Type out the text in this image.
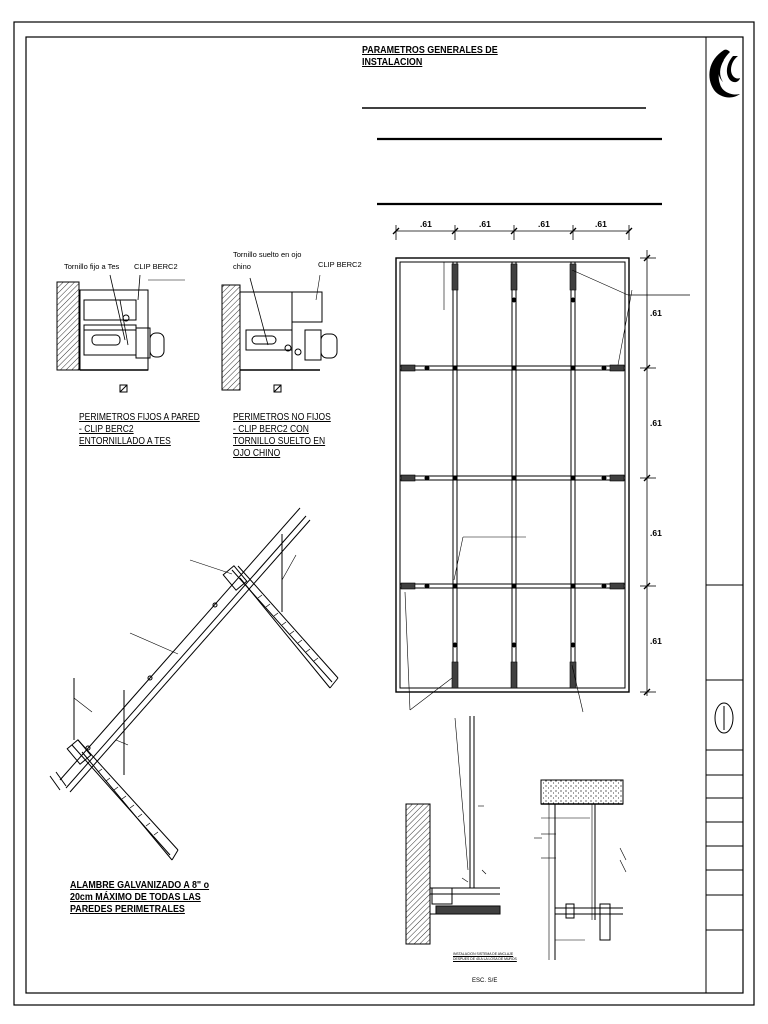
PARAMETROS GENERALES DE
INSTALACION
Tornillo fijo a Tes CLIP BERC2
Tornillo suelto en ojo
chino	CLIP BERC2
PERIMETROS FIJOS A PARED
- CLIP BERC2
ENTORNILLADO A TES
PERIMETROS NO FIJOS
- CLIP BERC2 CON
TORNILLO SUELTO EN
OJO CHINO
ALAMBRE GALVANIZADO A 8" o
20cm MÁXIMO DE TODAS LAS
PAREDES PERIMETRALES
.61	.61	.61	.61
.61
.61
.61
.61
INSTALACION SISTEMA DE ANCLAJE
DESPUES DE 45 A LA LOSA DE MUROS
ESC. S/E
